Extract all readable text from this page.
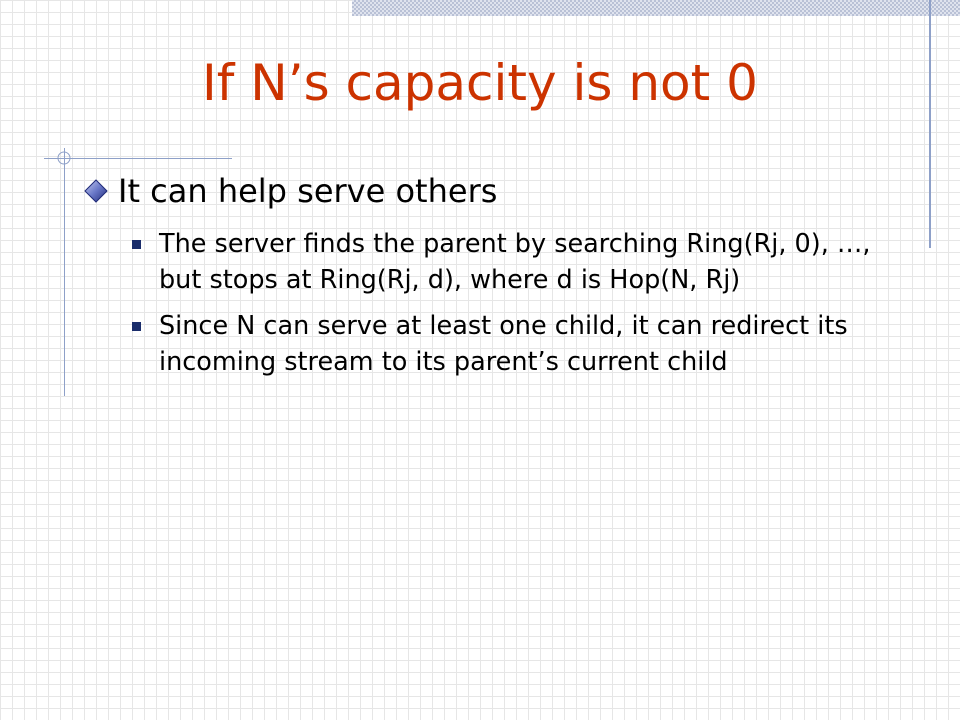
If N’s capacity is not 0
It can help serve others
The server finds the parent by searching Ring(Rj, 0), …, but stops at Ring(Rj, d), where d is Hop(N, Rj)
Since N can serve at least one child, it can redirect its incoming stream to its parent’s current child
